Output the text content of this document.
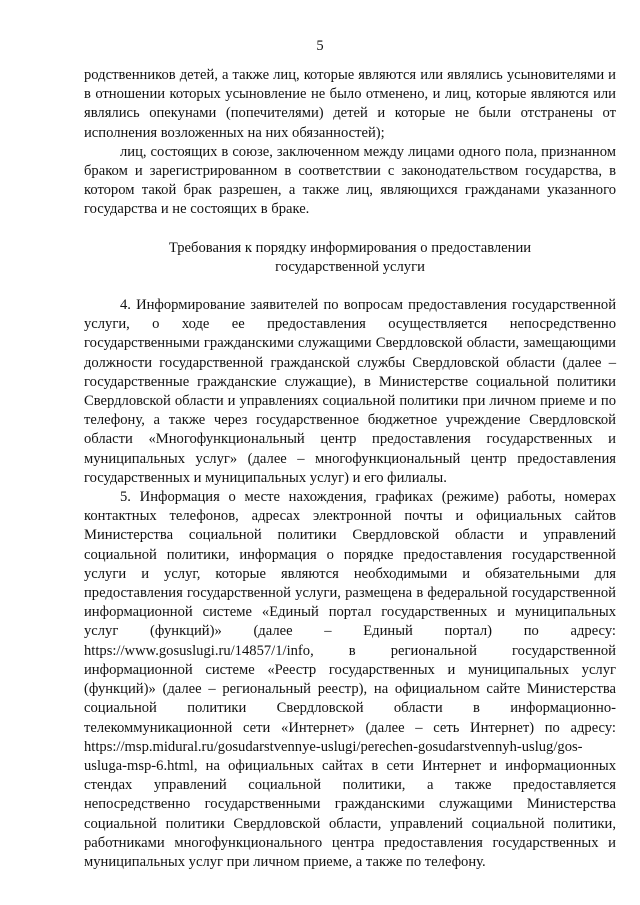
5

родственников детей, а также лиц, которые являются или являлись усыновителями и в отношении которых усыновление не было отменено, и лиц, которые являются или являлись опекунами (попечителями) детей и которые не были отстранены от исполнения возложенных на них обязанностей);

лиц, состоящих в союзе, заключенном между лицами одного пола, признанном браком и зарегистрированном в соответствии с законодательством государства, в котором такой брак разрешен, а также лиц, являющихся гражданами указанного государства и не состоящих в браке.

Требования к порядку информирования о предоставлении
государственной услуги

4. Информирование заявителей по вопросам предоставления государственной услуги, о ходе ее предоставления осуществляется непосредственно государственными гражданскими служащими Свердловской области, замещающими должности государственной гражданской службы Свердловской области (далее – государственные гражданские служащие), в Министерстве социальной политики Свердловской области и управлениях социальной политики при личном приеме и по телефону, а также через государственное бюджетное учреждение Свердловской области «Многофункциональный центр предоставления государственных и муниципальных услуг» (далее – многофункциональный центр предоставления государственных и муниципальных услуг) и его филиалы.

5. Информация о месте нахождения, графиках (режиме) работы, номерах контактных телефонов, адресах электронной почты и официальных сайтов Министерства социальной политики Свердловской области и управлений социальной политики, информация о порядке предоставления государственной услуги и услуг, которые являются необходимыми и обязательными для предоставления государственной услуги, размещена в федеральной государственной информационной системе «Единый портал государственных и муниципальных услуг (функций)» (далее – Единый портал) по адресу: https://www.gosuslugi.ru/14857/1/info, в региональной государственной информационной системе «Реестр государственных и муниципальных услуг (функций)» (далее – региональный реестр), на официальном сайте Министерства социальной политики Свердловской области в информационно-телекоммуникационной сети «Интернет» (далее – сеть Интернет) по адресу: https://msp.midural.ru/gosudarstvennye-uslugi/perechen-gosudarstvennyh-uslug/gos-usluga-msp-6.html, на официальных сайтах в сети Интернет и информационных стендах управлений социальной политики, а также предоставляется непосредственно государственными гражданскими служащими Министерства социальной политики Свердловской области, управлений социальной политики, работниками многофункционального центра предоставления государственных и муниципальных услуг при личном приеме, а также по телефону.
